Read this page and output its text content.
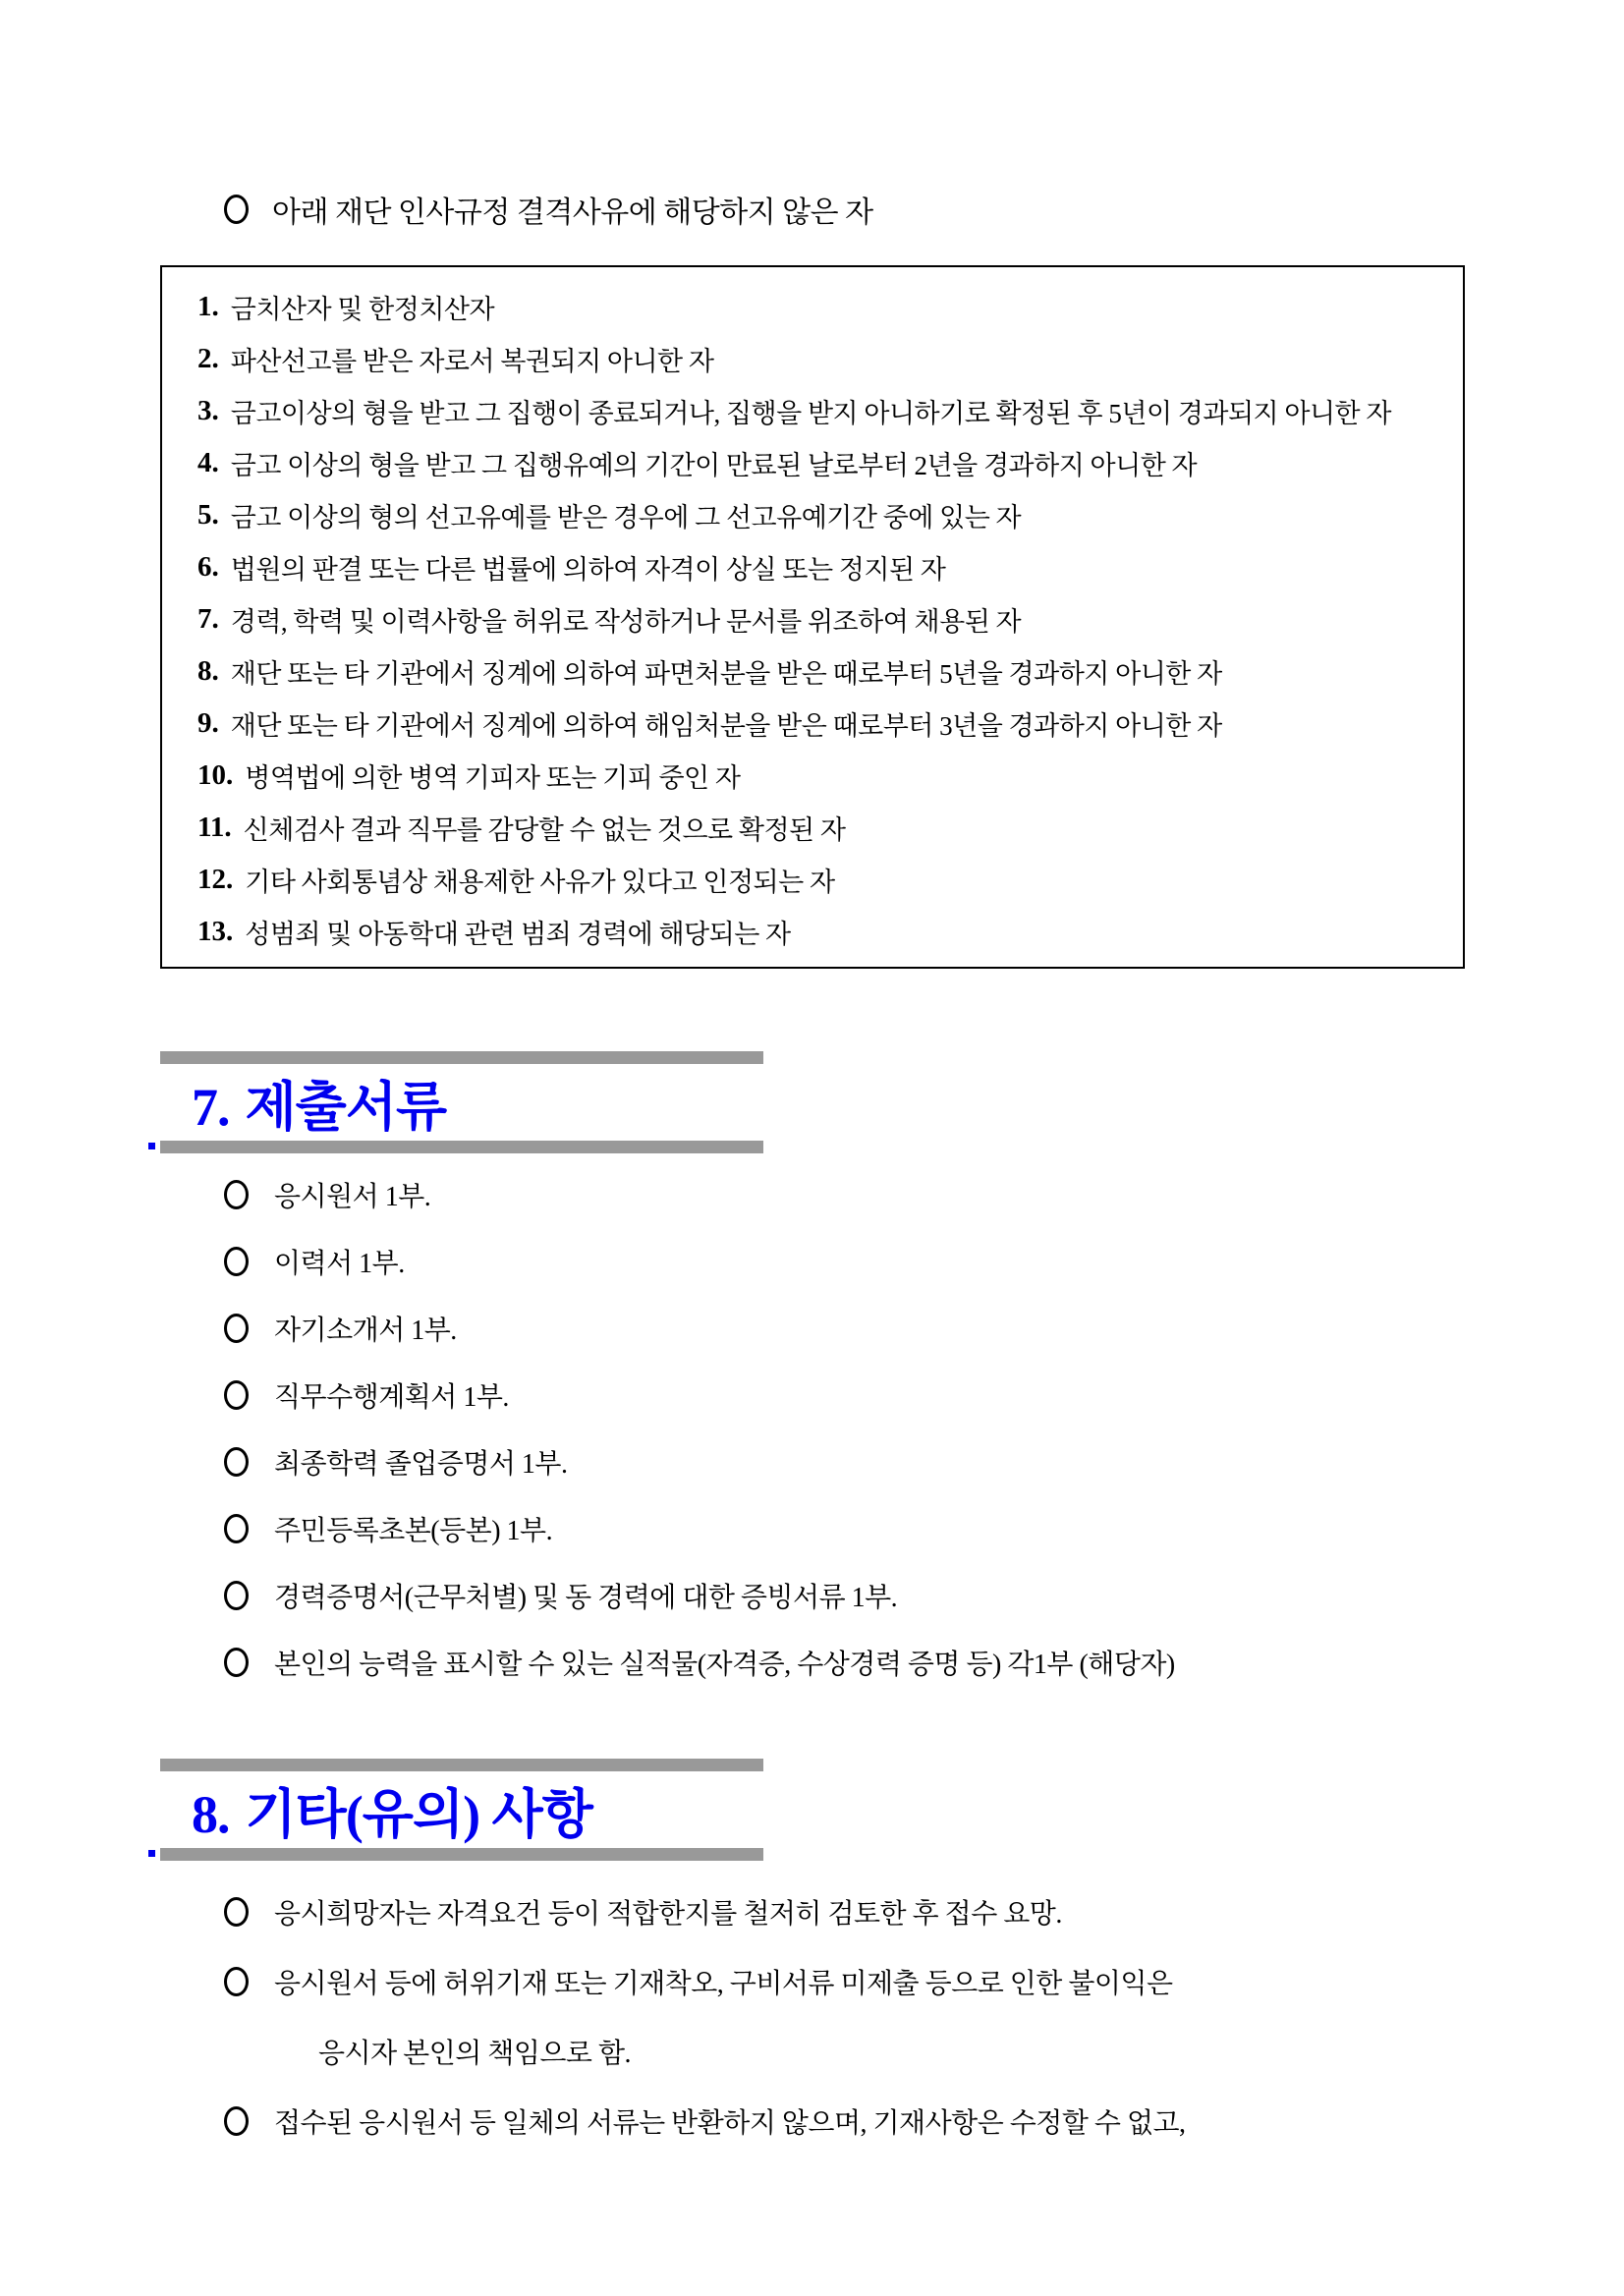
아래 재단 인사규정 결격사유에 해당하지 않은 자
1. 금치산자 및 한정치산자
2. 파산선고를 받은 자로서 복권되지 아니한 자
3. 금고이상의 형을 받고 그 집행이 종료되거나, 집행을 받지 아니하기로 확정된 후 5년이 경과되지 아니한 자
4. 금고 이상의 형을 받고 그 집행유예의 기간이 만료된 날로부터 2년을 경과하지 아니한 자
5. 금고 이상의 형의 선고유예를 받은 경우에 그 선고유예기간 중에 있는 자
6. 법원의 판결 또는 다른 법률에 의하여 자격이 상실 또는 정지된 자
7. 경력, 학력 및 이력사항을 허위로 작성하거나 문서를 위조하여 채용된 자
8. 재단 또는 타 기관에서 징계에 의하여 파면처분을 받은 때로부터 5년을 경과하지 아니한 자
9. 재단 또는 타 기관에서 징계에 의하여 해임처분을 받은 때로부터 3년을 경과하지 아니한 자
10. 병역법에 의한 병역 기피자 또는 기피 중인 자
11. 신체검사 결과 직무를 감당할 수 없는 것으로 확정된 자
12. 기타 사회통념상 채용제한 사유가 있다고 인정되는 자
13. 성범죄 및 아동학대 관련 범죄 경력에 해당되는 자
7. 제출서류
응시원서 1부.
이력서 1부.
자기소개서 1부.
직무수행계획서 1부.
최종학력 졸업증명서 1부.
주민등록초본(등본) 1부.
경력증명서(근무처별) 및 동 경력에 대한 증빙서류 1부.
본인의 능력을 표시할 수 있는 실적물(자격증, 수상경력 증명 등) 각1부 (해당자)
8. 기타(유의) 사항
응시희망자는 자격요건 등이 적합한지를 철저히 검토한 후 접수 요망.
응시원서 등에 허위기재 또는 기재착오, 구비서류 미제출 등으로 인한 불이익은
응시자 본인의 책임으로 함.
접수된 응시원서 등 일체의 서류는 반환하지 않으며, 기재사항은 수정할 수 없고,
